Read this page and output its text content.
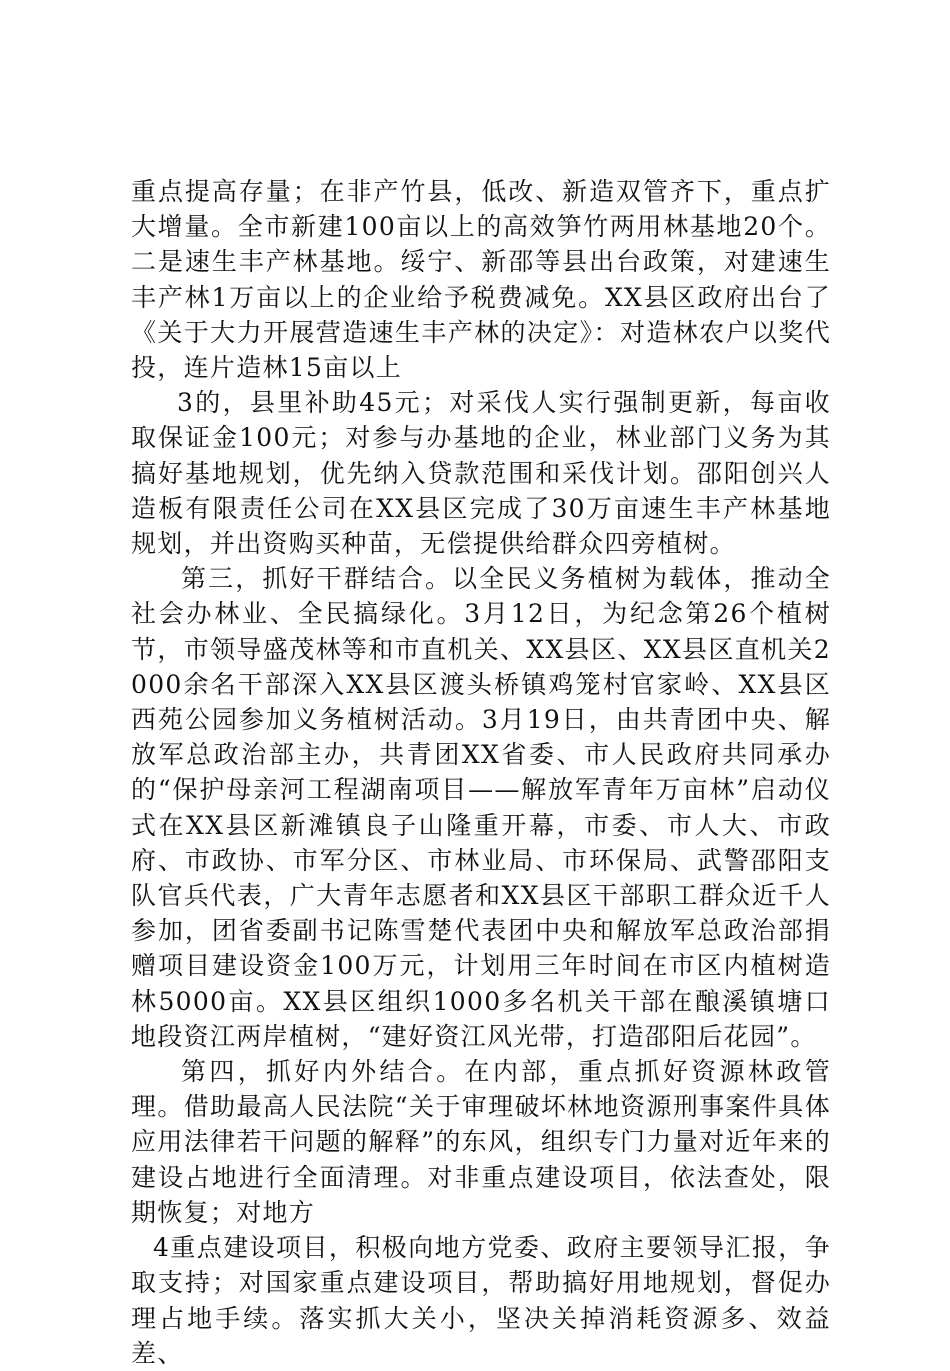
重点提高存量；在非产竹县，低改、新造双管齐下，重点扩大增量。全市新建100亩以上的高效笋竹两用林基地20个。二是速生丰产林基地。绥宁、新邵等县出台政策，对建速生丰产林1万亩以上的企业给予税费减免。XX县区政府出台了《关于大力开展营造速生丰产林的决定》：对造林农户以奖代投，连片造林15亩以上

3的，县里补助45元；对采伐人实行强制更新，每亩收取保证金100元；对参与办基地的企业，林业部门义务为其搞好基地规划，优先纳入贷款范围和采伐计划。邵阳创兴人造板有限责任公司在XX县区完成了30万亩速生丰产林基地规划，并出资购买种苗，无偿提供给群众四旁植树。

第三，抓好干群结合。以全民义务植树为载体，推动全社会办林业、全民搞绿化。3月12日，为纪念第26个植树节，市领导盛茂林等和市直机关、XX县区、XX县区直机关2000余名干部深入XX县区渡头桥镇鸡笼村官家岭、XX县区西苑公园参加义务植树活动。3月19日，由共青团中央、解放军总政治部主办，共青团XX省委、市人民政府共同承办的“保护母亲河工程湖南项目——解放军青年万亩林”启动仪式在XX县区新滩镇良子山隆重开幕，市委、市人大、市政府、市政协、市军分区、市林业局、市环保局、武警邵阳支队官兵代表，广大青年志愿者和XX县区干部职工群众近千人参加，团省委副书记陈雪楚代表团中央和解放军总政治部捐赠项目建设资金100万元，计划用三年时间在市区内植树造林5000亩。XX县区组织1000多名机关干部在酿溪镇塘口地段资江两岸植树，“建好资江风光带，打造邵阳后花园”。

第四，抓好内外结合。在内部，重点抓好资源林政管理。借助最高人民法院“关于审理破坏林地资源刑事案件具体应用法律若干问题的解释”的东风，组织专门力量对近年来的建设占地进行全面清理。对非重点建设项目，依法查处，限期恢复；对地方

4重点建设项目，积极向地方党委、政府主要领导汇报，争取支持；对国家重点建设项目，帮助搞好用地规划，督促办理占地手续。落实抓大关小，坚决关掉消耗资源多、效益差、
